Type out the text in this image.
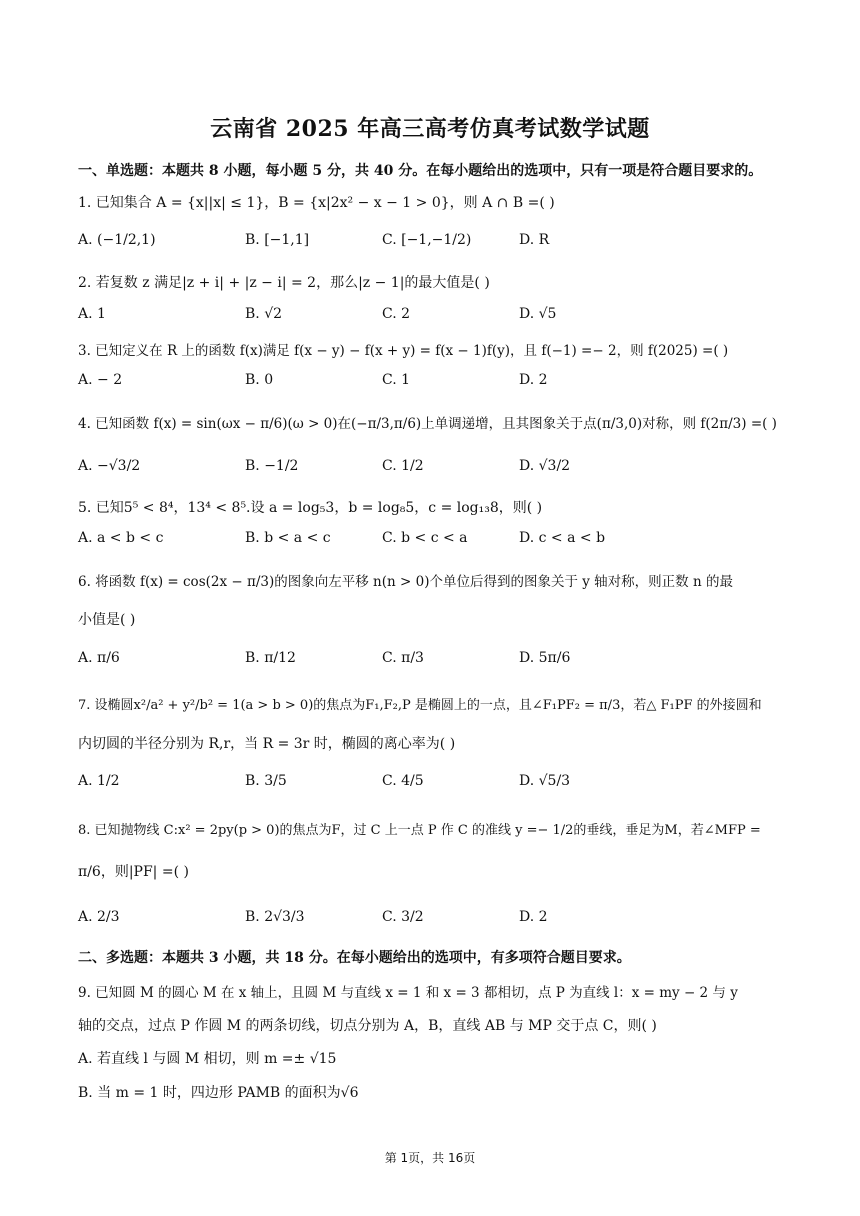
云南省 2025 年高三高考仿真考试数学试题
一、单选题：本题共 8 小题，每小题 5 分，共 40 分。在每小题给出的选项中，只有一项是符合题目要求的。
1. 已知集合 A = {x||x| ≤ 1}，B = {x|2x² − x − 1 > 0}，则 A ∩ B =( )
A. (−1/2,1)	B. [−1,1]	C. [−1,−1/2)	D. R
2. 若复数 z 满足|z + i| + |z − i| = 2，那么|z − 1|的最大值是( )
A. 1	B. √2	C. 2	D. √5
3. 已知定义在 R 上的函数 f(x)满足 f(x − y) − f(x + y) = f(x − 1)f(y)，且 f(−1) =− 2，则 f(2025) =( )
A. − 2	B. 0	C. 1	D. 2
4. 已知函数 f(x) = sin(ωx − π/6)(ω > 0)在(−π/3,π/6)上单调递增，且其图象关于点(π/3,0)对称，则 f(2π/3) =( )
A. −√3/2	B. −1/2	C. 1/2	D. √3/2
5. 已知5⁵ < 8⁴，13⁴ < 8⁵.设 a = log₅3，b = log₈5，c = log₁₃8，则( )
A. a < b < c	B. b < a < c	C. b < c < a	D. c < a < b
6. 将函数 f(x) = cos(2x − π/3)的图象向左平移 n(n > 0)个单位后得到的图象关于 y 轴对称，则正数 n 的最
小值是( )
A. π/6	B. π/12	C. π/3	D. 5π/6
7. 设椭圆x²/a² + y²/b² = 1(a > b > 0)的焦点为F₁,F₂,P 是椭圆上的一点，且∠F₁PF₂ = π/3，若△ F₁PF 的外接圆和
内切圆的半径分别为 R,r，当 R = 3r 时，椭圆的离心率为( )
A. 1/2	B. 3/5	C. 4/5	D. √5/3
8. 已知抛物线 C:x² = 2py(p > 0)的焦点为F，过 C 上一点 P 作 C 的准线 y =− 1/2的垂线，垂足为M，若∠MFP =
π/6，则|PF| =( )
A. 2/3	B. 2√3/3	C. 3/2	D. 2
二、多选题：本题共 3 小题，共 18 分。在每小题给出的选项中，有多项符合题目要求。
9. 已知圆 M 的圆心 M 在 x 轴上，且圆 M 与直线 x = 1 和 x = 3 都相切，点 P 为直线 l：x = my − 2 与 y
轴的交点，过点 P 作圆 M 的两条切线，切点分别为 A，B，直线 AB 与 MP 交于点 C，则( )
A. 若直线 l 与圆 M 相切，则 m =± √15
B. 当 m = 1 时，四边形 PAMB 的面积为√6
第 1页，共 16页
